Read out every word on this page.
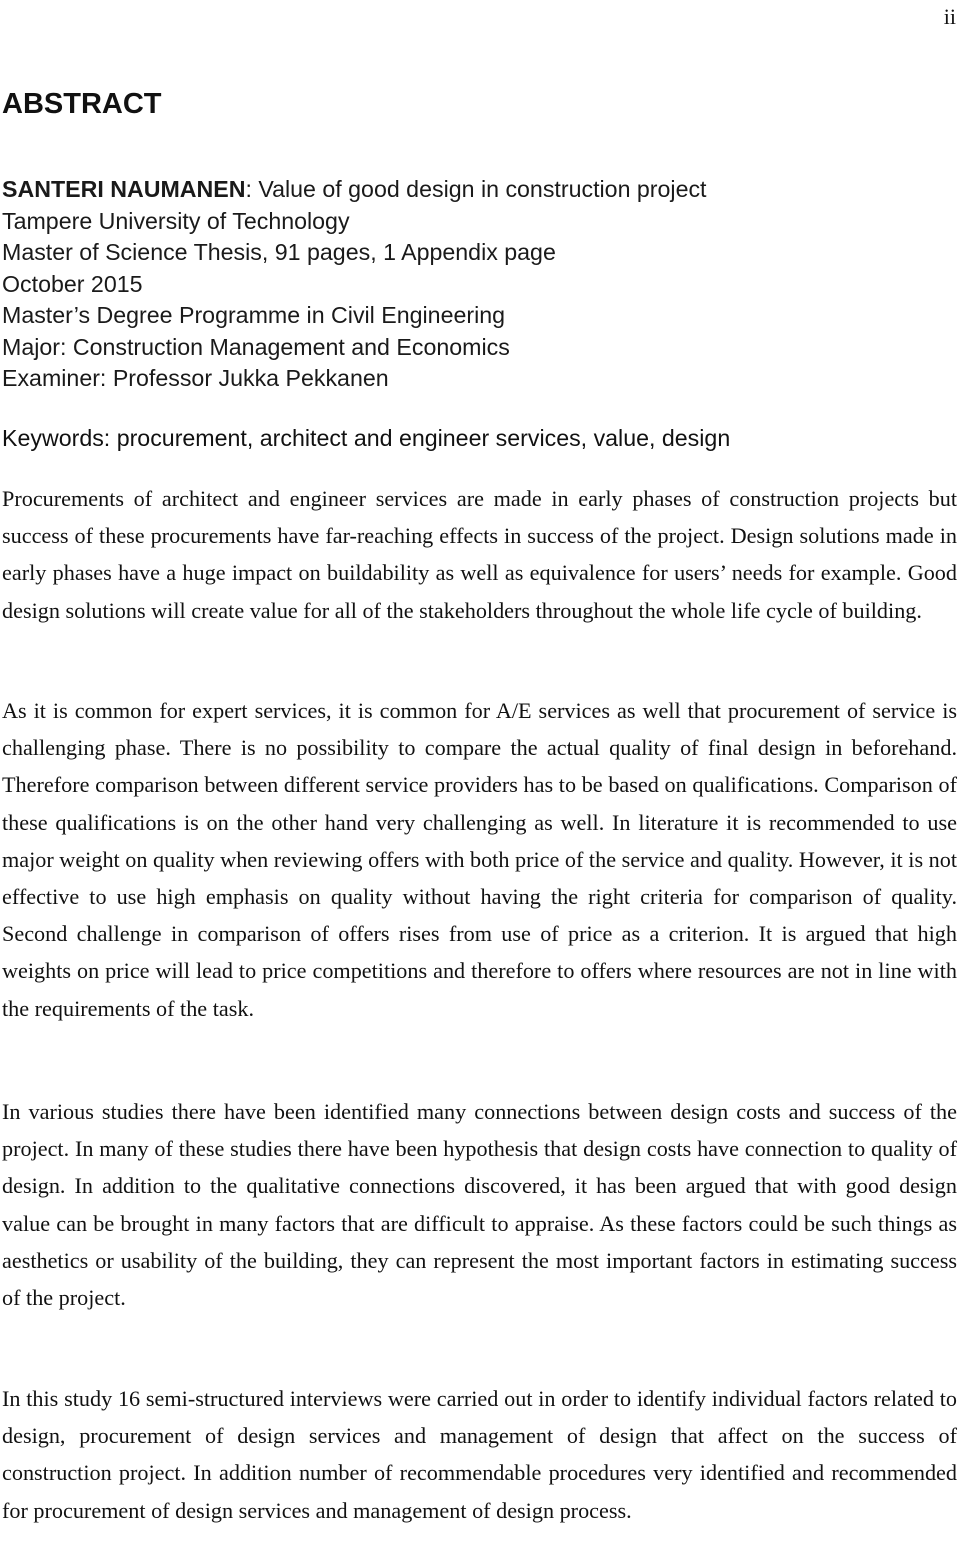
ii
ABSTRACT
SANTERI NAUMANEN: Value of good design in construction project
Tampere University of Technology
Master of Science Thesis, 91 pages, 1 Appendix page
October 2015
Master’s Degree Programme in Civil Engineering
Major: Construction Management and Economics
Examiner: Professor Jukka Pekkanen
Keywords: procurement, architect and engineer services, value, design

Procurements of architect and engineer services are made in early phases of construction projects but success of these procurements have far-reaching effects in success of the project. Design solutions made in early phases have a huge impact on buildability as well as equivalence for users’ needs for example. Good design solutions will create value for all of the stakeholders throughout the whole life cycle of building.

As it is common for expert services, it is common for A/E services as well that procurement of service is challenging phase. There is no possibility to compare the actual quality of final design in beforehand. Therefore comparison between different service providers has to be based on qualifications. Comparison of these qualifications is on the other hand very challenging as well. In literature it is recommended to use major weight on quality when reviewing offers with both price of the service and quality. However, it is not effective to use high emphasis on quality without having the right criteria for comparison of quality. Second challenge in comparison of offers rises from use of price as a criterion. It is argued that high weights on price will lead to price competitions and therefore to offers where resources are not in line with the requirements of the task.

In various studies there have been identified many connections between design costs and success of the project. In many of these studies there have been hypothesis that design costs have connection to quality of design. In addition to the qualitative connections discovered, it has been argued that with good design value can be brought in many factors that are difficult to appraise. As these factors could be such things as aesthetics or usability of the building, they can represent the most important factors in estimating success of the project.

In this study 16 semi-structured interviews were carried out in order to identify individual factors related to design, procurement of design services and management of design that affect on the success of construction project. In addition number of recommendable procedures very identified and recommended for procurement of design services and management of design process.
